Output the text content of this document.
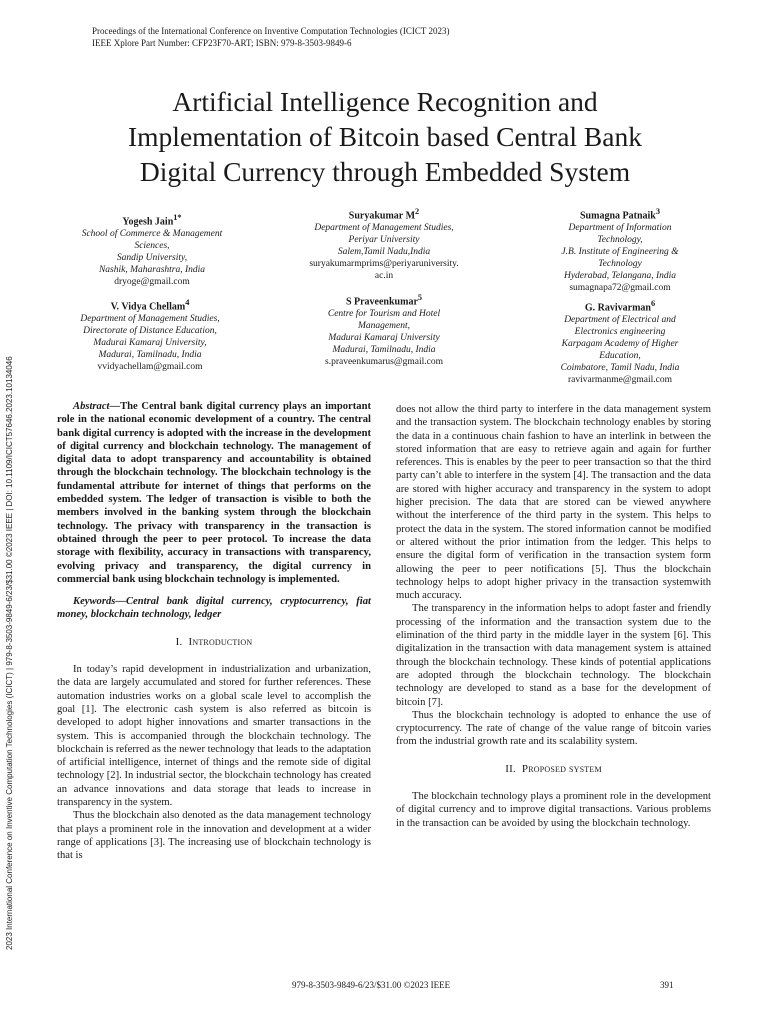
Proceedings of the International Conference on Inventive Computation Technologies (ICICT 2023)
IEEE Xplore Part Number: CFP23F70-ART; ISBN: 979-8-3503-9849-6
Artificial Intelligence Recognition and
Implementation of Bitcoin based Central Bank
Digital Currency through Embedded System
Yogesh Jain$^{1*}$
School of Commerce & Management
Sciences,
Sandip University,
Nashik, Maharashtra, India
dryoge@gmail.com
Suryakumar $M^2$
Department of Management Studies,
Periyar University
Salem,Tamil Nadu,India
suryakumarmprims@periyaruniversity.
ac.in
Sumagna Patnaik$^3$
Department of Information
Technology,
J.B. Institute of Engineering &
Technology
Hyderabad, Telangana, India
sumagnapa72@gmail.com
V. Vidya Chellam$^4$
Department of Management Studies,
Directorate of Distance Education,
Madurai Kamaraj University,
Madurai, Tamilnadu, India
vvidyachellam@gmail.com
S Praveenkumar$^5$
Centre for Tourism and Hotel
Management,
Madurai Kamaraj University
Madurai, Tamilnadu, India
s.praveenkumarus@gmail.com
G. Ravivarman$^6$
Department of Electrical and
Electronics engineering
Karpagam Academy of Higher
Education,
Coimbatore, Tamil Nadu, India
ravivarmanme@gmail.com
2023 International Conference on Inventive Computation Technologies (ICICT) | 979-8-3503-9849-6/23/$31.00 ©2023 IEEE | DOI: 10.1109/ICICT57646.2023.10134046	Abstract—The Central bank digital currency plays an important role in the national economic development of a country. The central bank digital currency is adopted with the increase in the development of digital currency and blockchain technology. The management of digital data to adopt transparency and accountability is obtained through the blockchain technology. The blockchain technology is the fundamental attribute for internet of things that performs on the embedded system. The ledger of transaction is visible to both the members involved in the banking system through the blockchain technology. The privacy with transparency in the transaction is obtained through the peer to peer protocol. To increase the data storage with flexibility, accuracy in transactions with transparency, evolving privacy and transparency, the digital currency in commercial bank using blockchain technology is implemented.

Keywords—Central bank digital currency, cryptocurrency, fiat money, blockchain technology, ledger

I. Introduction

In today’s rapid development in industrialization and urbanization, the data are largely accumulated and stored for further references. These automation industries works on a global scale level to accomplish the goal [1]. The electronic cash system is also referred as bitcoin is developed to adopt higher innovations and smarter transactions in the system. This is accompanied through the blockchain technology. The blockchain is referred as the newer technology that leads to the adaptation of artificial intelligence, internet of things and the remote side of digital technology [2]. In industrial sector, the blockchain technology has created an advance innovations and data storage that leads to increase in transparency in the system.

Thus the blockchain also denoted as the data management technology that plays a prominent role in the innovation and development at a wider range of applications [3]. The increasing use of blockchain technology is that is

does not allow the third party to interfere in the data management system and the transaction system. The blockchain technology enables by storing the data in a continuous chain fashion to have an interlink in between the stored information that are easy to retrieve again and again for further references. This is enables by the peer to peer transaction so that the third party can’t able to interfere in the system [4]. The transaction and the data are stored with higher accuracy and transparency in the system to adopt higher precision. The data that are stored can be viewed anywhere without the interference of the third party in the system. This helps to protect the data in the system. The stored information cannot be modified or altered without the prior intimation from the ledger. This helps to ensure the digital form of verification in the transaction system form allowing the peer to peer notifications [5]. Thus the blockchain technology helps to adopt higher privacy in the transaction systemwith much accuracy.

The transparency in the information helps to adopt faster and friendly processing of the information and the transaction system due to the elimination of the third party in the middle layer in the system [6]. This digitalization in the transaction with data management system is attained through the blockchain technology. These kinds of potential applications are adopted through the blockchain technology. The blockchain technology are developed to stand as a base for the development of bitcoin [7].

Thus the blockchain technology is adopted to enhance the use of cryptocurrency. The rate of change of the value range of bitcoin varies from the industrial growth rate and its scalability system.

II. Proposed system

The blockchain technology plays a prominent role in the development of digital currency and to improve digital transactions. Various problems in the transaction can be avoided by using the blockchain technology.

979-8-3503-9849-6/23/$31.00 ©2023 IEEE	391
